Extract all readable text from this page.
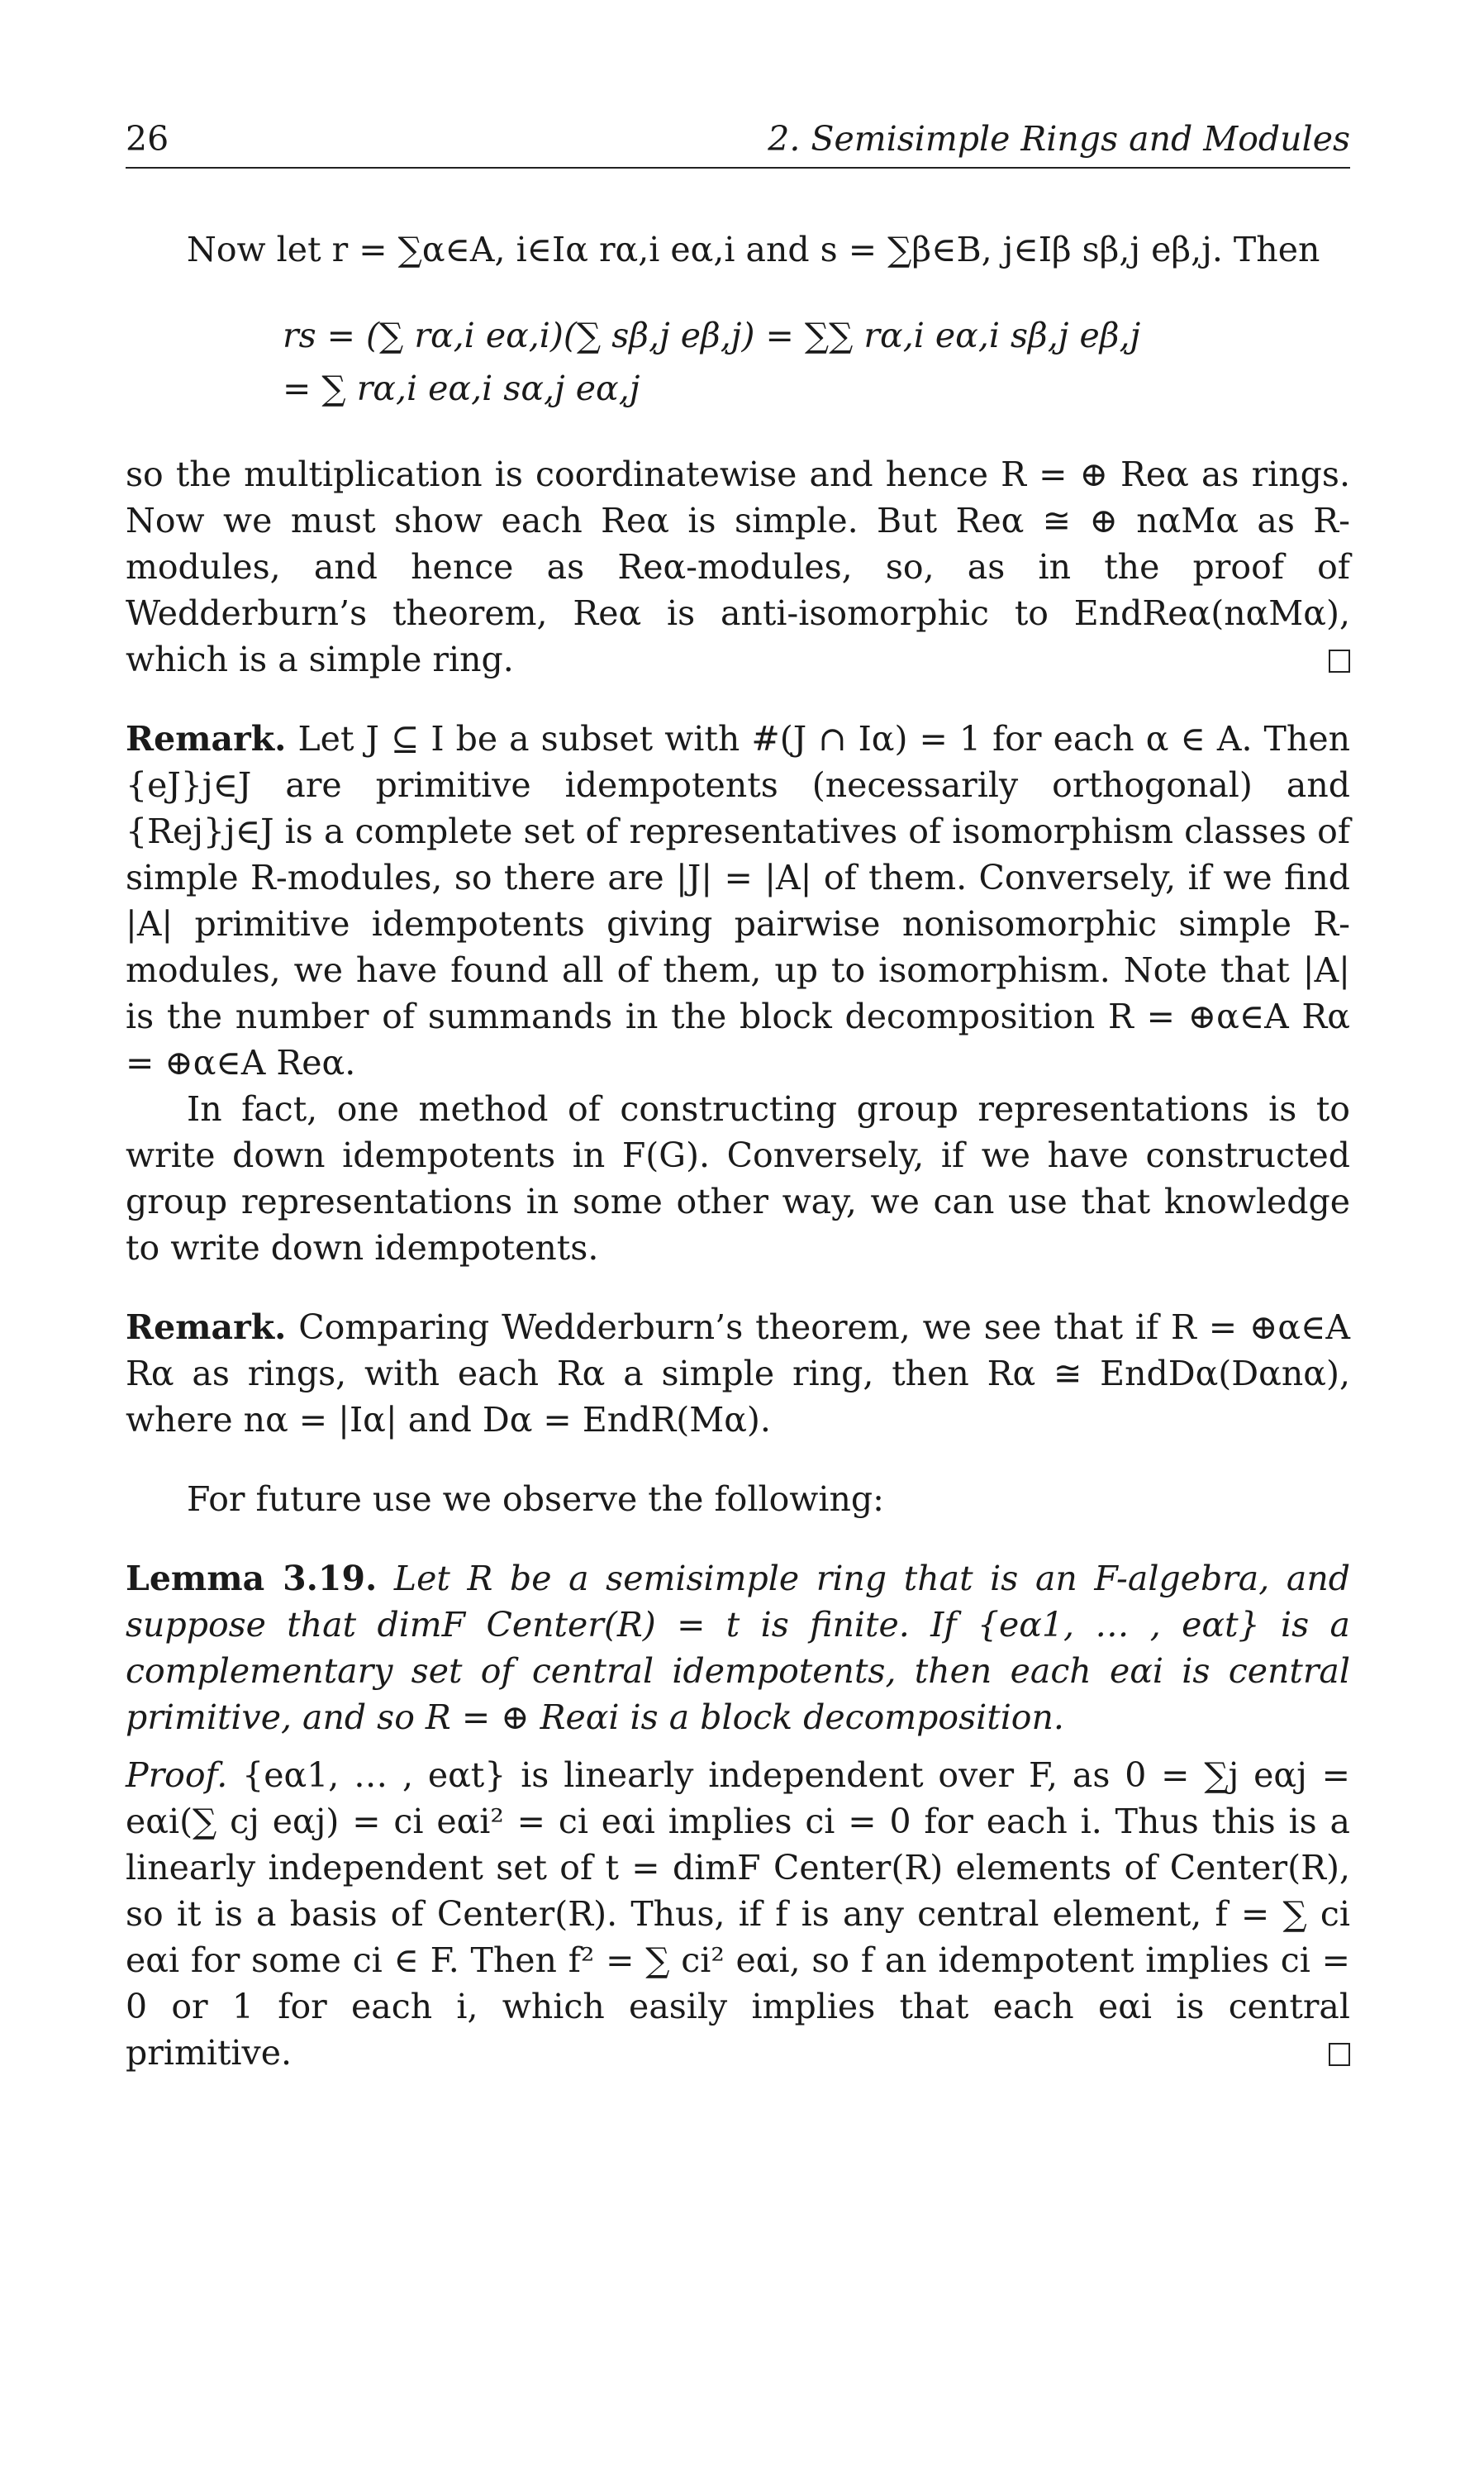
26	2. Semisimple Rings and Modules

Now let r = ∑α∈A, i∈Iα rα,i eα,i and s = ∑β∈B, j∈Iβ sβ,j eβ,j. Then

rs = (∑ rα,i eα,i)(∑ sβ,j eβ,j) = ∑∑ rα,i eα,i sβ,j eβ,j
= ∑ rα,i eα,i sα,j eα,j

so the multiplication is coordinatewise and hence R = ⊕ Reα as rings. Now we must show each Reα is simple. But Reα ≅ ⊕ nαMα as R-modules, and hence as Reα-modules, so, as in the proof of Wedderburn’s theorem, Reα is anti-isomorphic to EndReα(nαMα), which is a simple ring.

Remark. Let J ⊆ I be a subset with #(J ∩ Iα) = 1 for each α ∈ A. Then {eJ}j∈J are primitive idempotents (necessarily orthogonal) and {Rej}j∈J is a complete set of representatives of isomorphism classes of simple R-modules, so there are |J| = |A| of them. Conversely, if we find |A| primitive idempotents giving pairwise nonisomorphic simple R-modules, we have found all of them, up to isomorphism. Note that |A| is the number of summands in the block decomposition R = ⊕α∈A Rα = ⊕α∈A Reα.

In fact, one method of constructing group representations is to write down idempotents in F(G). Conversely, if we have constructed group representations in some other way, we can use that knowledge to write down idempotents.

Remark. Comparing Wedderburn’s theorem, we see that if R = ⊕α∈A Rα as rings, with each Rα a simple ring, then Rα ≅ EndDα(Dαnα), where nα = |Iα| and Dα = EndR(Mα).

For future use we observe the following:

Lemma 3.19. Let R be a semisimple ring that is an F-algebra, and suppose that dimF Center(R) = t is finite. If {eα1, … , eαt} is a complementary set of central idempotents, then each eαi is central primitive, and so R = ⊕ Reαi is a block decomposition.

Proof. {eα1, … , eαt} is linearly independent over F, as 0 = ∑j eαj = eαi(∑ cj eαj) = ci eαi² = ci eαi implies ci = 0 for each i. Thus this is a linearly independent set of t = dimF Center(R) elements of Center(R), so it is a basis of Center(R). Thus, if f is any central element, f = ∑ ci eαi for some ci ∈ F. Then f² = ∑ ci² eαi, so f an idempotent implies ci = 0 or 1 for each i, which easily implies that each eαi is central primitive.
